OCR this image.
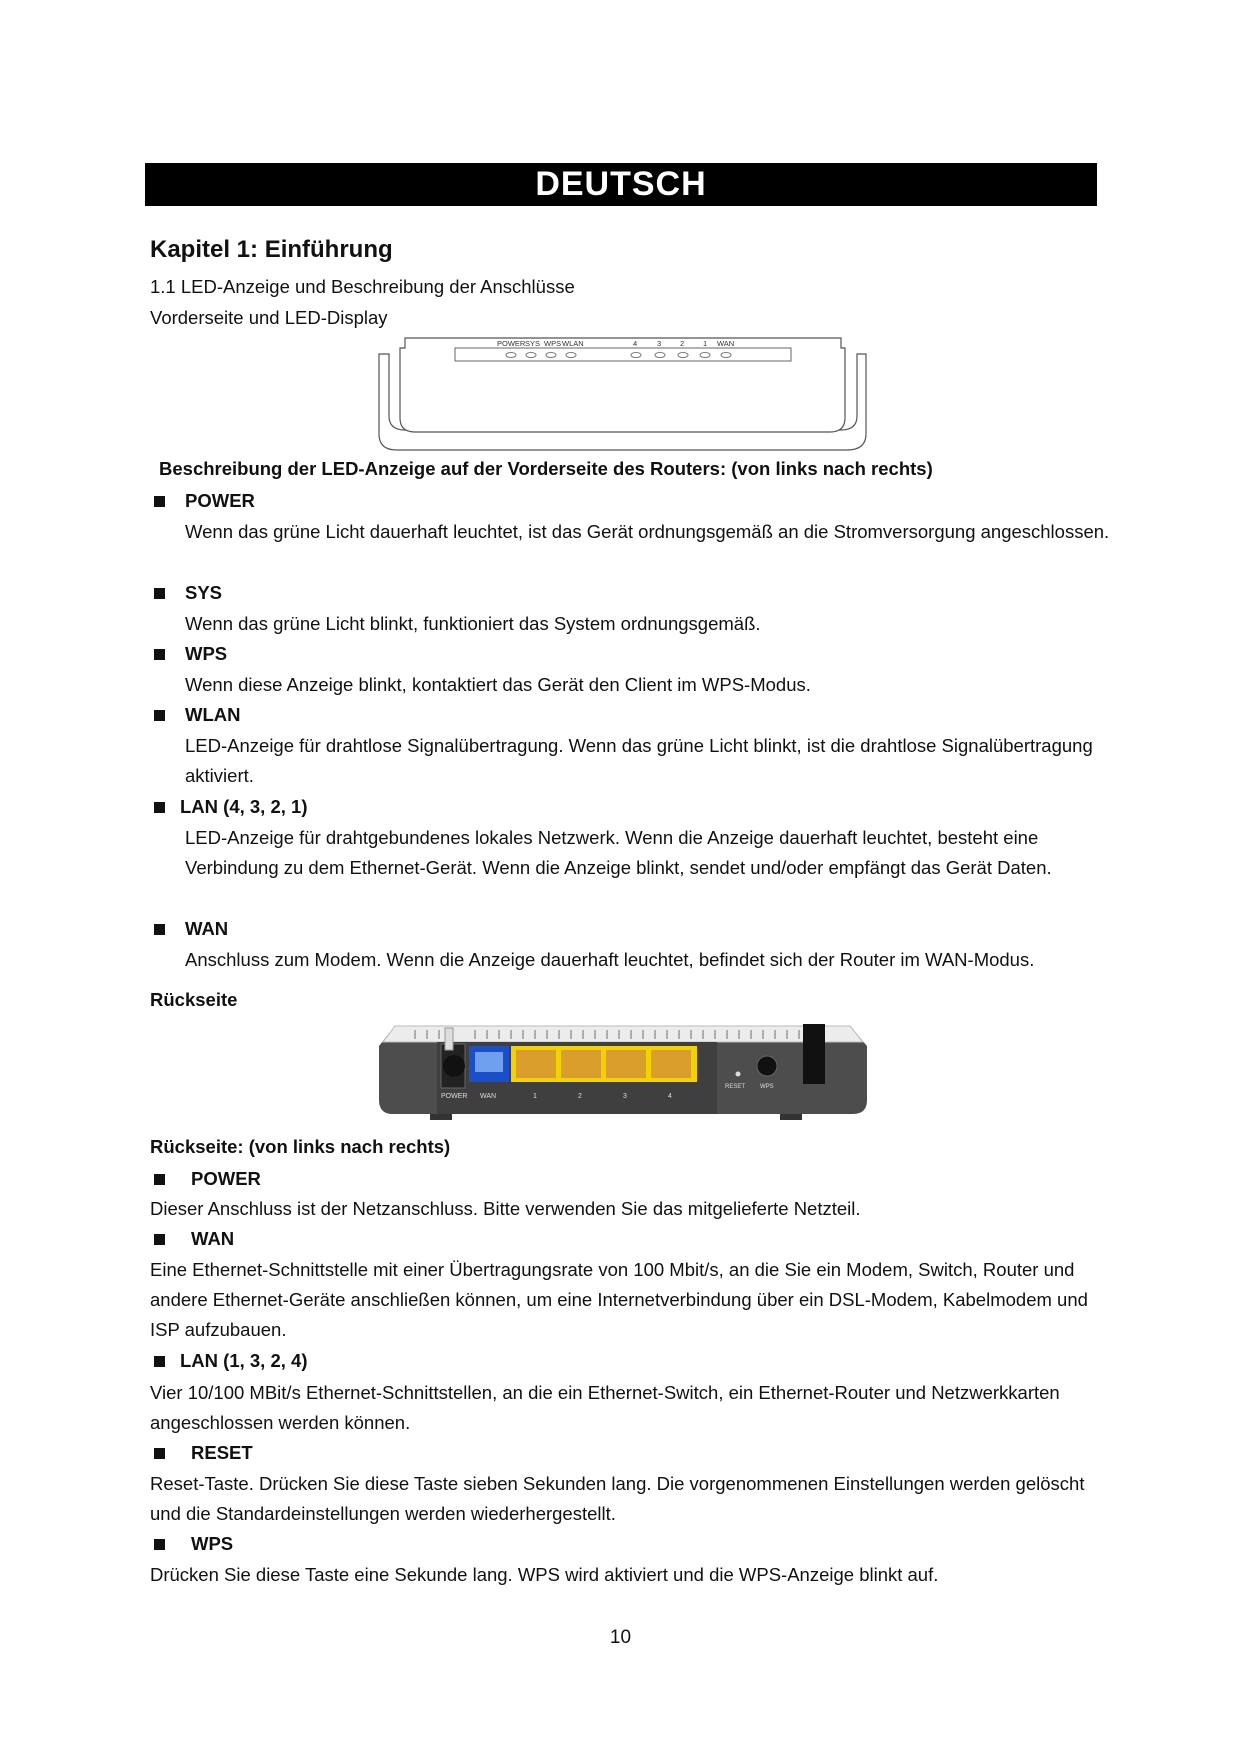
DEUTSCH
Kapitel 1: Einführung
1.1 LED-Anzeige und Beschreibung der Anschlüsse
Vorderseite und LED-Display
POWER SYS WPS WLAN	4	3	2	1 WAN
Beschreibung der LED-Anzeige auf der Vorderseite des Routers: (von links nach rechts)
POWER
Wenn das grüne Licht dauerhaft leuchtet, ist das Gerät ordnungsgemäß an die Stromversorgung angeschlossen.
SYS
Wenn das grüne Licht blinkt, funktioniert das System ordnungsgemäß.
WPS
Wenn diese Anzeige blinkt, kontaktiert das Gerät den Client im WPS-Modus.
WLAN
LED-Anzeige für drahtlose Signalübertragung. Wenn das grüne Licht blinkt, ist die drahtlose Signalübertragung aktiviert.
LAN (4, 3, 2, 1)
LED-Anzeige für drahtgebundenes lokales Netzwerk. Wenn die Anzeige dauerhaft leuchtet, besteht eine Verbindung zu dem Ethernet-Gerät. Wenn die Anzeige blinkt, sendet und/oder empfängt das Gerät Daten.
WAN
Anschluss zum Modem. Wenn die Anzeige dauerhaft leuchtet, befindet sich der Router im WAN-Modus.
Rückseite
POWER WAN	1	2	3	4
RESET WPS
Rückseite: (von links nach rechts)
POWER
Dieser Anschluss ist der Netzanschluss. Bitte verwenden Sie das mitgelieferte Netzteil.
WAN
Eine Ethernet-Schnittstelle mit einer Übertragungsrate von 100 Mbit/s, an die Sie ein Modem, Switch, Router und andere Ethernet-Geräte anschließen können, um eine Internetverbindung über ein DSL-Modem, Kabelmodem und ISP aufzubauen.
LAN (1, 3, 2, 4)
Vier 10/100 MBit/s Ethernet-Schnittstellen, an die ein Ethernet-Switch, ein Ethernet-Router und Netzwerkkarten angeschlossen werden können.
RESET
Reset-Taste. Drücken Sie diese Taste sieben Sekunden lang. Die vorgenommenen Einstellungen werden gelöscht und die Standardeinstellungen werden wiederhergestellt.
WPS
Drücken Sie diese Taste eine Sekunde lang. WPS wird aktiviert und die WPS-Anzeige blinkt auf.
10
